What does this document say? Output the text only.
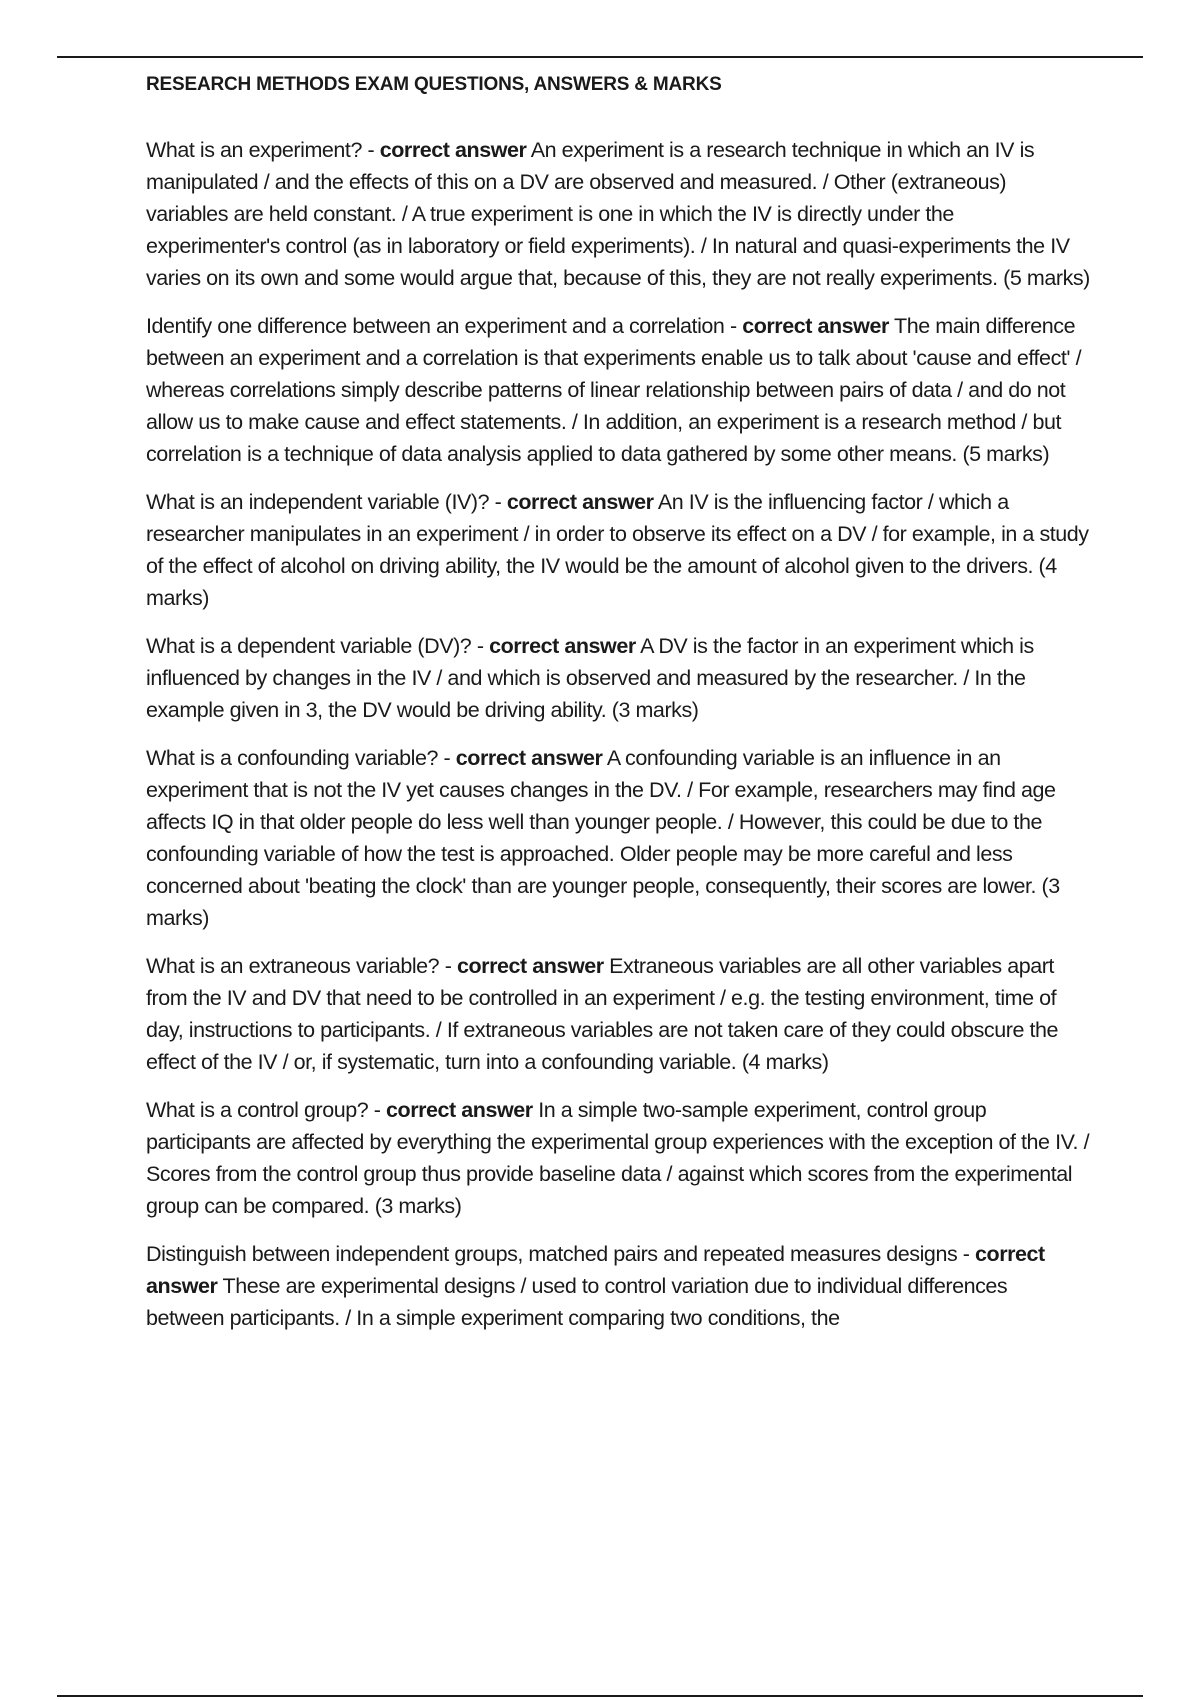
RESEARCH METHODS EXAM QUESTIONS, ANSWERS & MARKS

What is an experiment? - correct answer An experiment is a research technique in which an IV is manipulated / and the effects of this on a DV are observed and measured. / Other (extraneous) variables are held constant. / A true experiment is one in which the IV is directly under the experimenter's control (as in laboratory or field experiments). / In natural and quasi-experiments the IV varies on its own and some would argue that, because of this, they are not really experiments. (5 marks)

Identify one difference between an experiment and a correlation - correct answer The main difference between an experiment and a correlation is that experiments enable us to talk about 'cause and effect' / whereas correlations simply describe patterns of linear relationship between pairs of data / and do not allow us to make cause and effect statements. / In addition, an experiment is a research method / but correlation is a technique of data analysis applied to data gathered by some other means. (5 marks)

What is an independent variable (IV)? - correct answer An IV is the influencing factor / which a researcher manipulates in an experiment / in order to observe its effect on a DV / for example, in a study of the effect of alcohol on driving ability, the IV would be the amount of alcohol given to the drivers. (4 marks)

What is a dependent variable (DV)? - correct answer A DV is the factor in an experiment which is influenced by changes in the IV / and which is observed and measured by the researcher. / In the example given in 3, the DV would be driving ability. (3 marks)

What is a confounding variable? - correct answer A confounding variable is an influence in an experiment that is not the IV yet causes changes in the DV. / For example, researchers may find age affects IQ in that older people do less well than younger people. / However, this could be due to the confounding variable of how the test is approached. Older people may be more careful and less concerned about 'beating the clock' than are younger people, consequently, their scores are lower. (3 marks)

What is an extraneous variable? - correct answer Extraneous variables are all other variables apart from the IV and DV that need to be controlled in an experiment / e.g. the testing environment, time of day, instructions to participants. / If extraneous variables are not taken care of they could obscure the effect of the IV / or, if systematic, turn into a confounding variable. (4 marks)

What is a control group? - correct answer In a simple two-sample experiment, control group participants are affected by everything the experimental group experiences with the exception of the IV. / Scores from the control group thus provide baseline data / against which scores from the experimental group can be compared. (3 marks)

Distinguish between independent groups, matched pairs and repeated measures designs - correct answer These are experimental designs / used to control variation due to individual differences between participants. / In a simple experiment comparing two conditions, the
